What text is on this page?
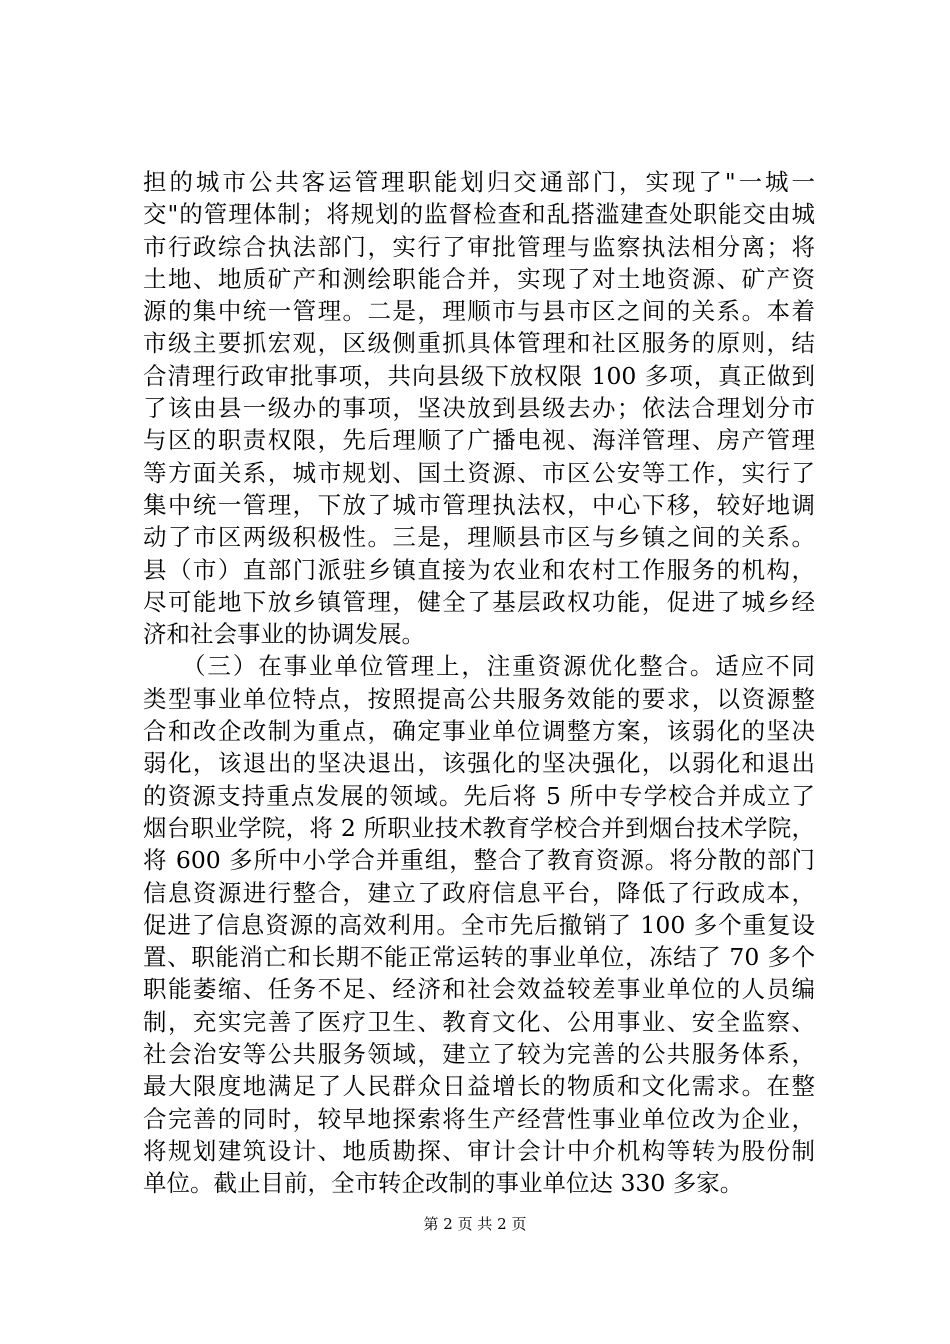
担的城市公共客运管理职能划归交通部门，实现了"一城一
交"的管理体制；将规划的监督检查和乱搭滥建查处职能交由城
市行政综合执法部门，实行了审批管理与监察执法相分离；将
土地、地质矿产和测绘职能合并，实现了对土地资源、矿产资
源的集中统一管理。二是，理顺市与县市区之间的关系。本着
市级主要抓宏观，区级侧重抓具体管理和社区服务的原则，结
合清理行政审批事项，共向县级下放权限 100 多项，真正做到
了该由县一级办的事项，坚决放到县级去办；依法合理划分市
与区的职责权限，先后理顺了广播电视、海洋管理、房产管理
等方面关系，城市规划、国土资源、市区公安等工作，实行了
集中统一管理，下放了城市管理执法权，中心下移，较好地调
动了市区两级积极性。三是，理顺县市区与乡镇之间的关系。
县（市）直部门派驻乡镇直接为农业和农村工作服务的机构，
尽可能地下放乡镇管理，健全了基层政权功能，促进了城乡经
济和社会事业的协调发展。
　　（三）在事业单位管理上，注重资源优化整合。适应不同
类型事业单位特点，按照提高公共服务效能的要求，以资源整
合和改企改制为重点，确定事业单位调整方案，该弱化的坚决
弱化，该退出的坚决退出，该强化的坚决强化，以弱化和退出
的资源支持重点发展的领域。先后将 5 所中专学校合并成立了
烟台职业学院，将 2 所职业技术教育学校合并到烟台技术学院，
将 600 多所中小学合并重组，整合了教育资源。将分散的部门
信息资源进行整合，建立了政府信息平台，降低了行政成本，
促进了信息资源的高效利用。全市先后撤销了 100 多个重复设
置、职能消亡和长期不能正常运转的事业单位，冻结了 70 多个
职能萎缩、任务不足、经济和社会效益较差事业单位的人员编
制，充实完善了医疗卫生、教育文化、公用事业、安全监察、
社会治安等公共服务领域，建立了较为完善的公共服务体系，
最大限度地满足了人民群众日益增长的物质和文化需求。在整
合完善的同时，较早地探索将生产经营性事业单位改为企业，
将规划建筑设计、地质勘探、审计会计中介机构等转为股份制
单位。截止目前，全市转企改制的事业单位达 330 多家。
第 2 页 共 2 页
